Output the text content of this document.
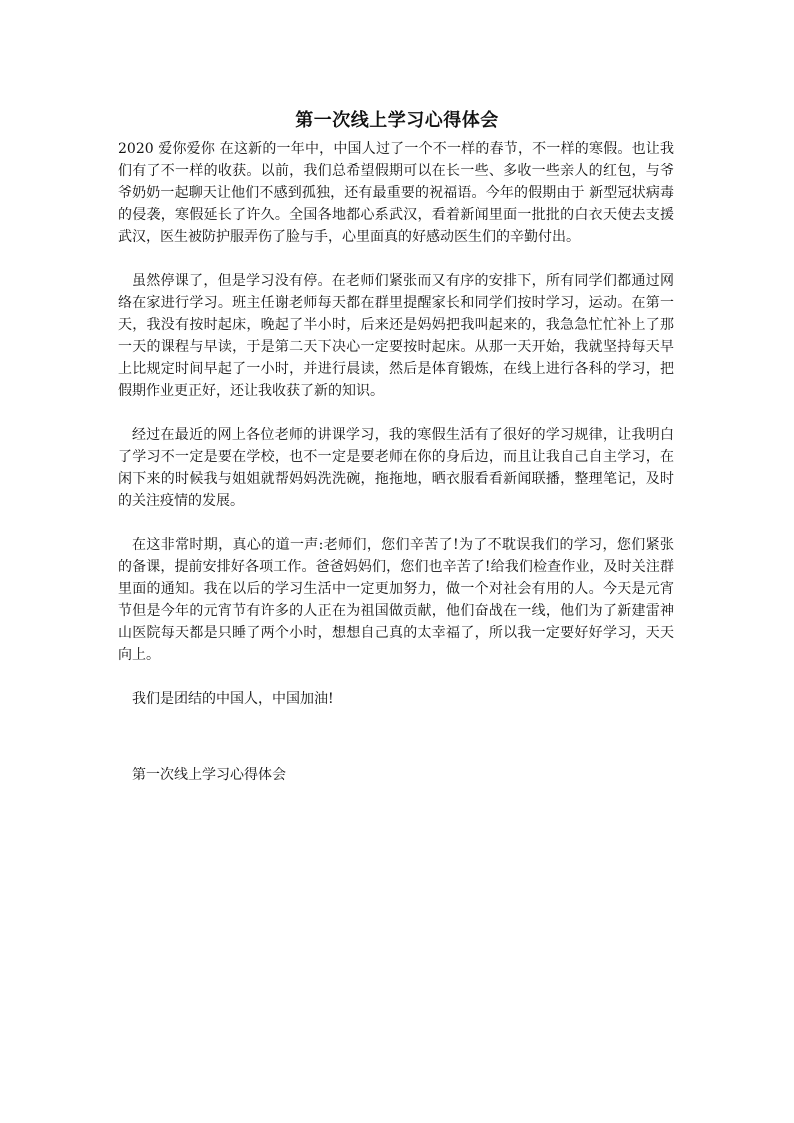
第一次线上学习心得体会

2020 爱你爱你 在这新的一年中，中国人过了一个不一样的春节，不一样的寒假。也让我们有了不一样的收获。以前，我们总希望假期可以在长一些、多收一些亲人的红包，与爷爷奶奶一起聊天让他们不感到孤独，还有最重要的祝福语。今年的假期由于 新型冠状病毒 的侵袭，寒假延长了许久。全国各地都心系武汉，看着新闻里面一批批的白衣天使去支援武汉，医生被防护服弄伤了脸与手，心里面真的好感动医生们的辛勤付出。

虽然停课了，但是学习没有停。在老师们紧张而又有序的安排下，所有同学们都通过网络在家进行学习。班主任谢老师每天都在群里提醒家长和同学们按时学习，运动。在第一天，我没有按时起床，晚起了半小时，后来还是妈妈把我叫起来的，我急急忙忙补上了那一天的课程与早读，于是第二天下决心一定要按时起床。从那一天开始，我就坚持每天早上比规定时间早起了一小时，并进行晨读，然后是体育锻炼，在线上进行各科的学习，把假期作业更正好，还让我收获了新的知识。

经过在最近的网上各位老师的讲课学习，我的寒假生活有了很好的学习规律，让我明白了学习不一定是要在学校，也不一定是要老师在你的身后边，而且让我自己自主学习，在闲下来的时候我与姐姐就帮妈妈洗洗碗，拖拖地，晒衣服看看新闻联播，整理笔记，及时的关注疫情的发展。

在这非常时期，真心的道一声:老师们，您们辛苦了!为了不耽误我们的学习，您们紧张的备课，提前安排好各项工作。爸爸妈妈们，您们也辛苦了!给我们检查作业，及时关注群里面的通知。我在以后的学习生活中一定更加努力，做一个对社会有用的人。今天是元宵节但是今年的元宵节有许多的人正在为祖国做贡献，他们奋战在一线，他们为了新建雷神山医院每天都是只睡了两个小时，想想自己真的太幸福了，所以我一定要好好学习，天天向上。

我们是团结的中国人，中国加油!

第一次线上学习心得体会
